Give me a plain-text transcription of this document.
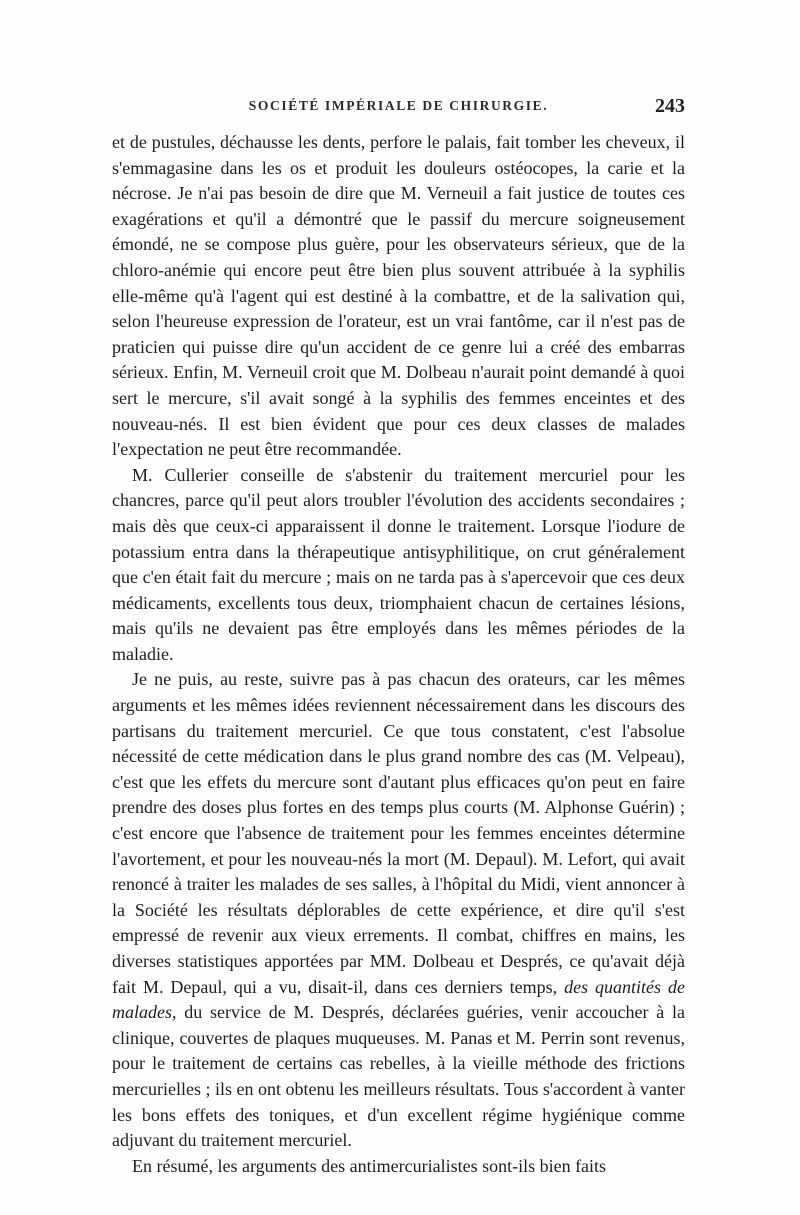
SOCIÉTÉ IMPÉRIALE DE CHIRURGIE.	243

et de pustules, déchausse les dents, perfore le palais, fait tomber les cheveux, il s'emmagasine dans les os et produit les douleurs ostéocopes, la carie et la nécrose. Je n'ai pas besoin de dire que M. Verneuil a fait justice de toutes ces exagérations et qu'il a démontré que le passif du mercure soigneusement émondé, ne se compose plus guère, pour les observateurs sérieux, que de la chloro-anémie qui encore peut être bien plus souvent attribuée à la syphilis elle-même qu'à l'agent qui est destiné à la combattre, et de la salivation qui, selon l'heureuse expression de l'orateur, est un vrai fantôme, car il n'est pas de praticien qui puisse dire qu'un accident de ce genre lui a créé des embarras sérieux. Enfin, M. Verneuil croit que M. Dolbeau n'aurait point demandé à quoi sert le mercure, s'il avait songé à la syphilis des femmes enceintes et des nouveau-nés. Il est bien évident que pour ces deux classes de malades l'expectation ne peut être recommandée.

M. Cullerier conseille de s'abstenir du traitement mercuriel pour les chancres, parce qu'il peut alors troubler l'évolution des accidents secondaires ; mais dès que ceux-ci apparaissent il donne le traitement. Lorsque l'iodure de potassium entra dans la thérapeutique antisyphilitique, on crut généralement que c'en était fait du mercure ; mais on ne tarda pas à s'apercevoir que ces deux médicaments, excellents tous deux, triomphaient chacun de certaines lésions, mais qu'ils ne devaient pas être employés dans les mêmes périodes de la maladie.

Je ne puis, au reste, suivre pas à pas chacun des orateurs, car les mêmes arguments et les mêmes idées reviennent nécessairement dans les discours des partisans du traitement mercuriel. Ce que tous constatent, c'est l'absolue nécessité de cette médication dans le plus grand nombre des cas (M. Velpeau), c'est que les effets du mercure sont d'autant plus efficaces qu'on peut en faire prendre des doses plus fortes en des temps plus courts (M. Alphonse Guérin) ; c'est encore que l'absence de traitement pour les femmes enceintes détermine l'avortement, et pour les nouveau-nés la mort (M. Depaul). M. Lefort, qui avait renoncé à traiter les malades de ses salles, à l'hôpital du Midi, vient annoncer à la Société les résultats déplorables de cette expérience, et dire qu'il s'est empressé de revenir aux vieux errements. Il combat, chiffres en mains, les diverses statistiques apportées par MM. Dolbeau et Després, ce qu'avait déjà fait M. Depaul, qui a vu, disait-il, dans ces derniers temps, des quantités de malades, du service de M. Després, déclarées guéries, venir accoucher à la clinique, couvertes de plaques muqueuses. M. Panas et M. Perrin sont revenus, pour le traitement de certains cas rebelles, à la vieille méthode des frictions mercurielles ; ils en ont obtenu les meilleurs résultats. Tous s'accordent à vanter les bons effets des toniques, et d'un excellent régime hygiénique comme adjuvant du traitement mercuriel.

En résumé, les arguments des antimercurialistes sont-ils bien faits
